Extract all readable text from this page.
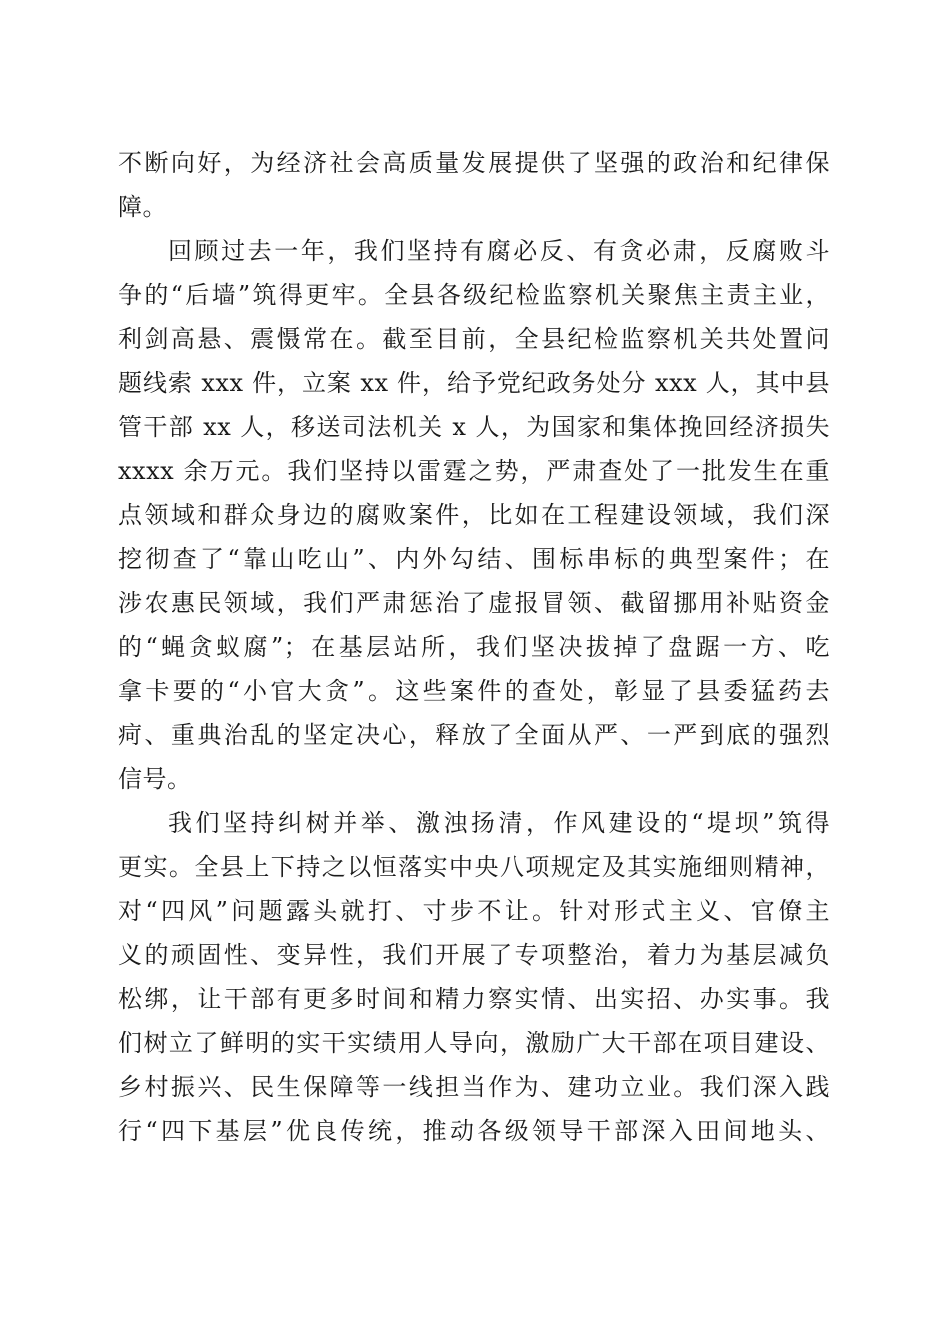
不断向好，为经济社会高质量发展提供了坚强的政治和纪律保
障。
回顾过去一年，我们坚持有腐必反、有贪必肃，反腐败斗
争的“后墙”筑得更牢。全县各级纪检监察机关聚焦主责主业，
利剑高悬、震慑常在。截至目前，全县纪检监察机关共处置问
题线索 xxx 件，立案 xx 件，给予党纪政务处分 xxx 人，其中县
管干部 xx 人，移送司法机关 x 人，为国家和集体挽回经济损失
xxxx 余万元。我们坚持以雷霆之势，严肃查处了一批发生在重
点领域和群众身边的腐败案件，比如在工程建设领域，我们深
挖彻查了“靠山吃山”、内外勾结、围标串标的典型案件；在
涉农惠民领域，我们严肃惩治了虚报冒领、截留挪用补贴资金
的“蝇贪蚁腐”；在基层站所，我们坚决拔掉了盘踞一方、吃
拿卡要的“小官大贪”。这些案件的查处，彰显了县委猛药去
疴、重典治乱的坚定决心，释放了全面从严、一严到底的强烈
信号。
我们坚持纠树并举、激浊扬清，作风建设的“堤坝”筑得
更实。全县上下持之以恒落实中央八项规定及其实施细则精神，
对“四风”问题露头就打、寸步不让。针对形式主义、官僚主
义的顽固性、变异性，我们开展了专项整治，着力为基层减负
松绑，让干部有更多时间和精力察实情、出实招、办实事。我
们树立了鲜明的实干实绩用人导向，激励广大干部在项目建设、
乡村振兴、民生保障等一线担当作为、建功立业。我们深入践
行“四下基层”优良传统，推动各级领导干部深入田间地头、
